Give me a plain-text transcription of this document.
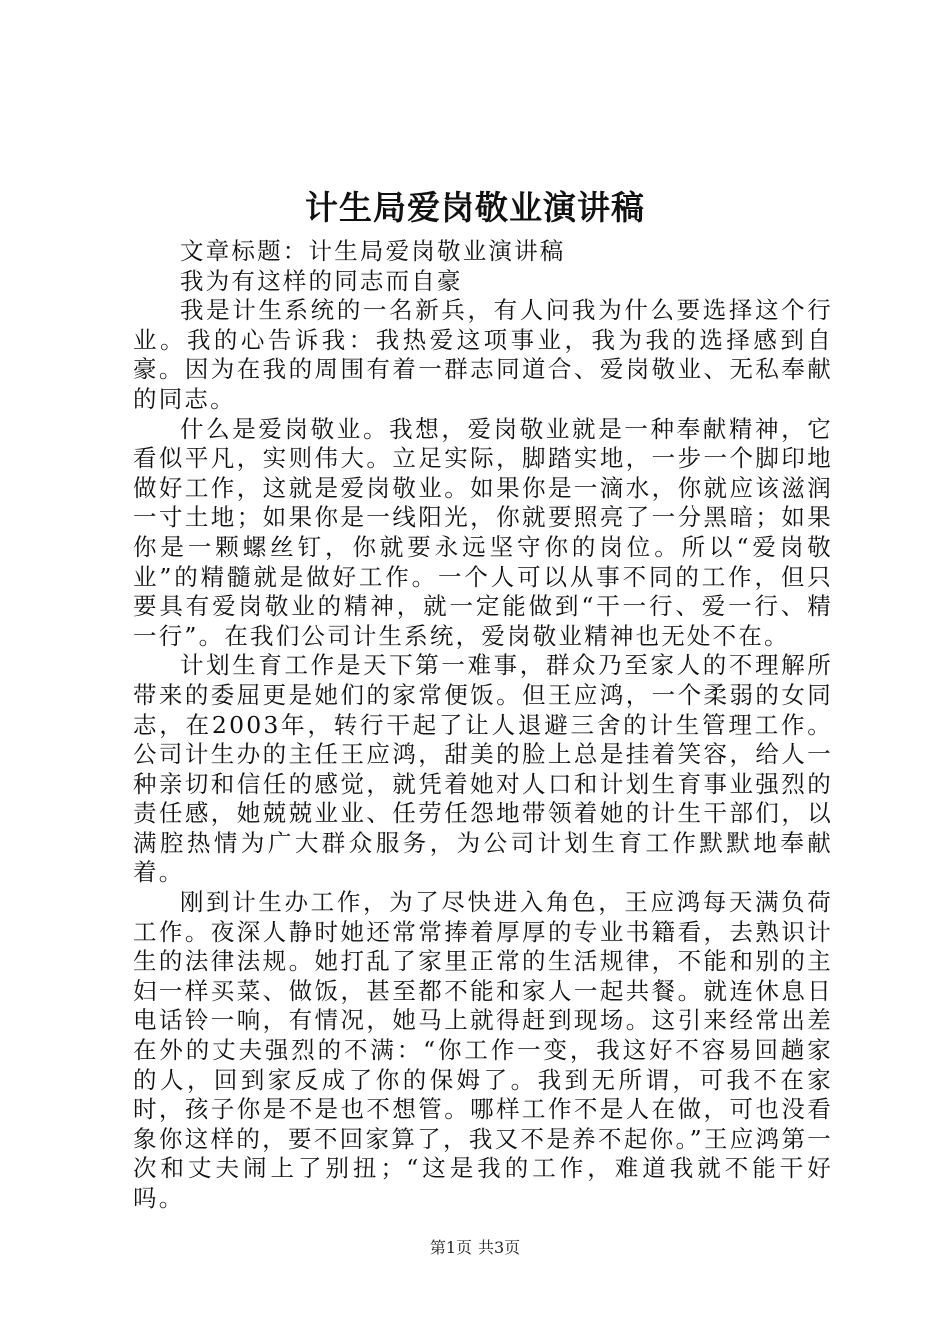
计生局爱岗敬业演讲稿

文章标题：计生局爱岗敬业演讲稿

我为有这样的同志而自豪

我是计生系统的一名新兵，有人问我为什么要选择这个行业。我的心告诉我：我热爱这项事业，我为我的选择感到自豪。因为在我的周围有着一群志同道合、爱岗敬业、无私奉献的同志。

什么是爱岗敬业。我想，爱岗敬业就是一种奉献精神，它看似平凡，实则伟大。立足实际，脚踏实地，一步一个脚印地做好工作，这就是爱岗敬业。如果你是一滴水，你就应该滋润一寸土地；如果你是一线阳光，你就要照亮了一分黑暗；如果你是一颗螺丝钉，你就要永远坚守你的岗位。所以“爱岗敬业”的精髓就是做好工作。一个人可以从事不同的工作，但只要具有爱岗敬业的精神，就一定能做到“干一行、爱一行、精一行”。在我们公司计生系统，爱岗敬业精神也无处不在。

计划生育工作是天下第一难事，群众乃至家人的不理解所带来的委屈更是她们的家常便饭。但王应鸿，一个柔弱的女同志，在2003年，转行干起了让人退避三舍的计生管理工作。公司计生办的主任王应鸿，甜美的脸上总是挂着笑容，给人一种亲切和信任的感觉，就凭着她对人口和计划生育事业强烈的责任感，她兢兢业业、任劳任怨地带领着她的计生干部们，以满腔热情为广大群众服务，为公司计划生育工作默默地奉献着。

刚到计生办工作，为了尽快进入角色，王应鸿每天满负荷工作。夜深人静时她还常常捧着厚厚的专业书籍看，去熟识计生的法律法规。她打乱了家里正常的生活规律，不能和别的主妇一样买菜、做饭，甚至都不能和家人一起共餐。就连休息日电话铃一响，有情况，她马上就得赶到现场。这引来经常出差在外的丈夫强烈的不满：“你工作一变，我这好不容易回趟家的人，回到家反成了你的保姆了。我到无所谓，可我不在家时，孩子你是不是也不想管。哪样工作不是人在做，可也没看象你这样的，要不回家算了，我又不是养不起你。”王应鸿第一次和丈夫闹上了别扭；“这是我的工作，难道我就不能干好吗。

第1页 共3页
